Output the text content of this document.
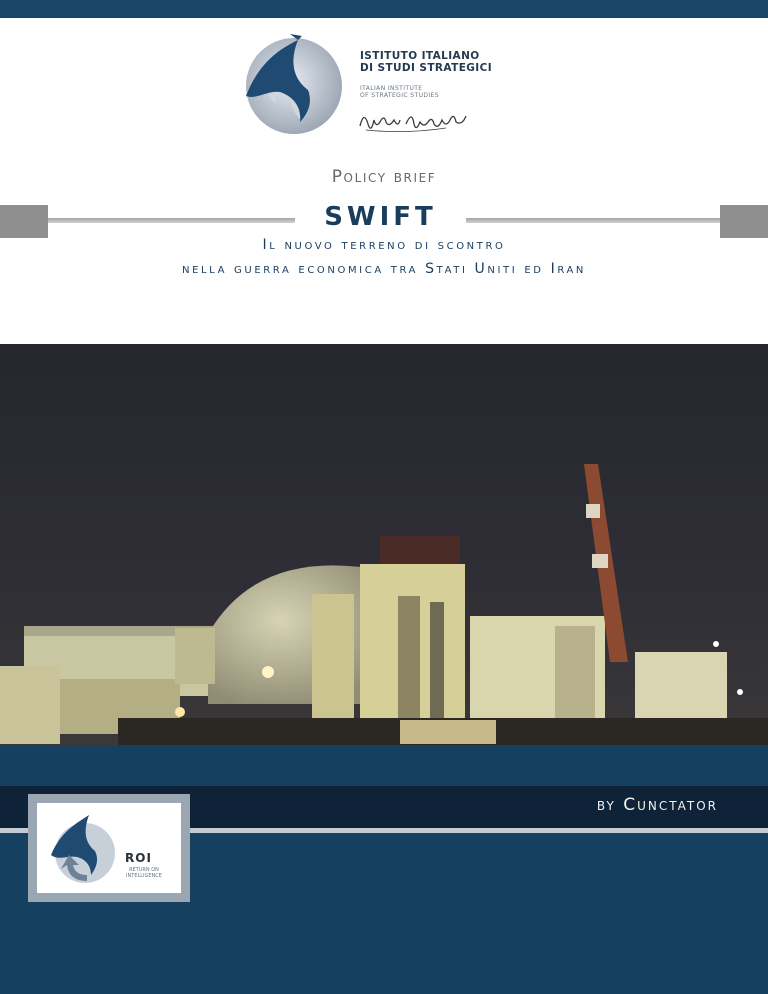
ISTITUTO ITALIANO
DI STUDI STRATEGICI
ITALIAN INSTITUTE
OF STRATEGIC STUDIES
Policy brief
SWIFT
Il nuovo terreno di scontro
nella guerra economica tra Stati Uniti ed Iran
by Cunctator
ROI
RETURN ON
INTELLIGENCE
